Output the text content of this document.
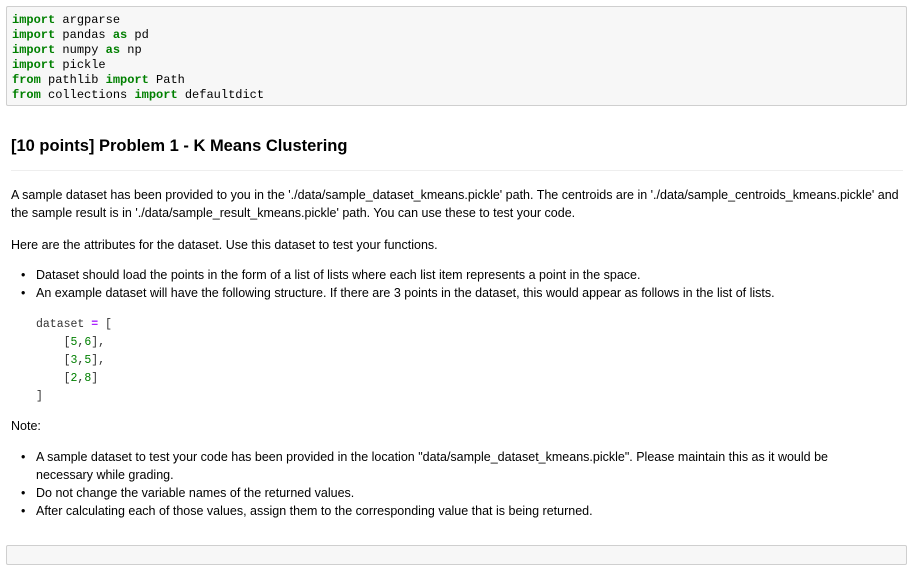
import argparse
import pandas as pd
import numpy as np
import pickle
from pathlib import Path
from collections import defaultdict
[10 points] Problem 1 - K Means Clustering

A sample dataset has been provided to you in the './data/sample_dataset_kmeans.pickle' path. The centroids are in './data/sample_centroids_kmeans.pickle' and the sample result is in './data/sample_result_kmeans.pickle' path. You can use these to test your code.

Here are the attributes for the dataset. Use this dataset to test your functions.

• Dataset should load the points in the form of a list of lists where each list item represents a point in the space.
• An example dataset will have the following structure. If there are 3 points in the dataset, this would appear as follows in the list of lists.
dataset = [
[5,6],
[3,5],
[2,8]
]

Note:

• A sample dataset to test your code has been provided in the location "data/sample_dataset_kmeans.pickle". Please maintain this as it would be necessary while grading.
• Do not change the variable names of the returned values.
• After calculating each of those values, assign them to the corresponding value that is being returned.
